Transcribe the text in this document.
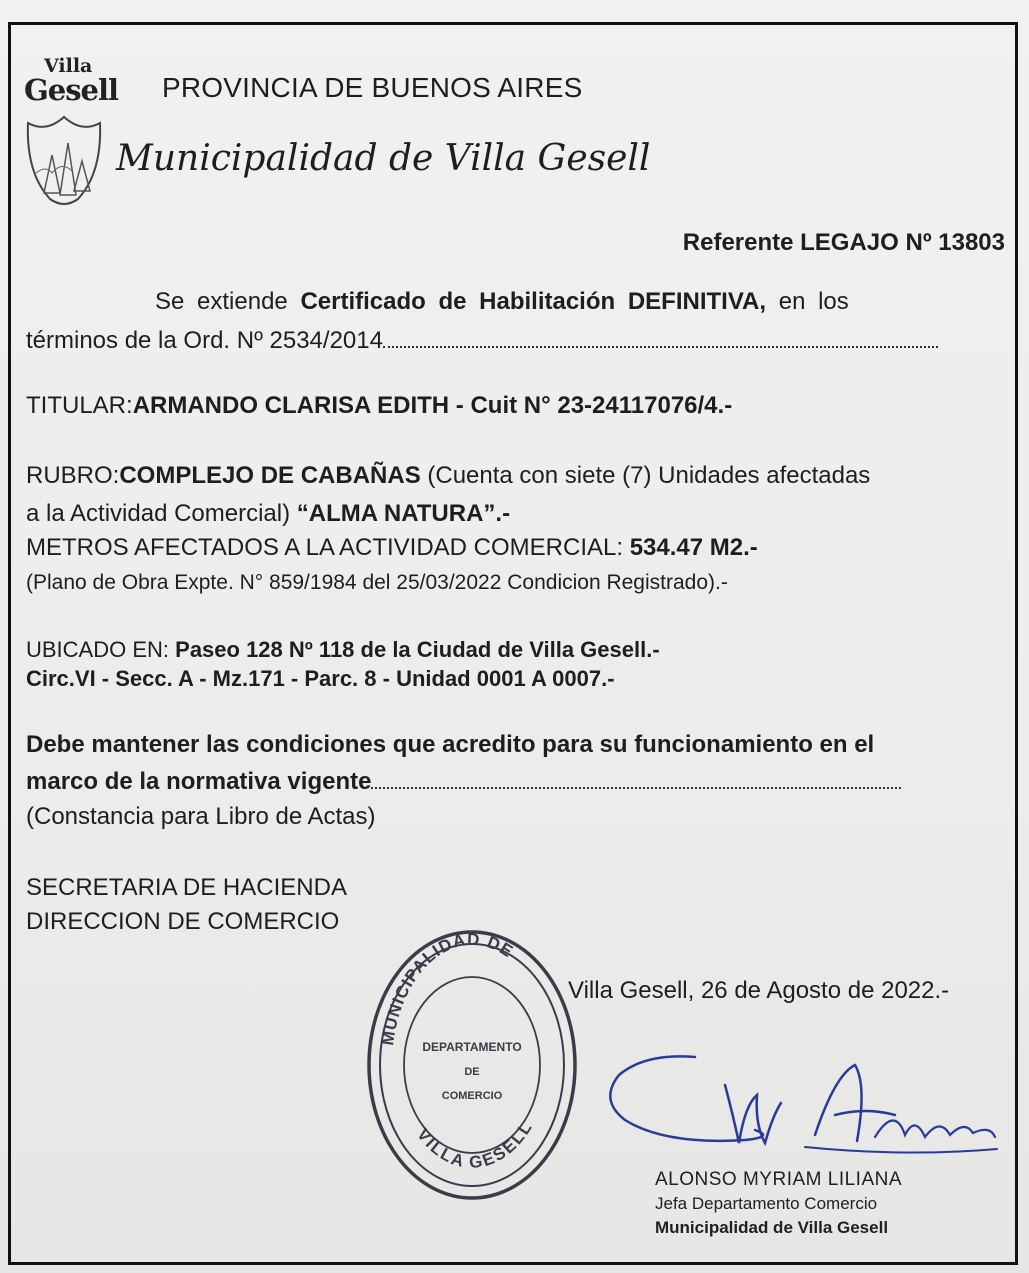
Villa
Gesell PROVINCIA DE BUENOS AIRES
Municipalidad de Villa Gesell
Referente LEGAJO Nº 13803
Se extiende Certificado de Habilitación DEFINITIVA, en los
términos de la Ord. Nº 2534/2014
TITULAR:ARMANDO CLARISA EDITH - Cuit N° 23-24117076/4.-
RUBRO:COMPLEJO DE CABAÑAS (Cuenta con siete (7) Unidades afectadas
a la Actividad Comercial) “ALMA NATURA”.-
METROS AFECTADOS A LA ACTIVIDAD COMERCIAL: 534.47 M2.-
(Plano de Obra Expte. N° 859/1984 del 25/03/2022 Condicion Registrado).-
UBICADO EN: Paseo 128 Nº 118 de la Ciudad de Villa Gesell.-
Circ.VI - Secc. A - Mz.171 - Parc. 8 - Unidad 0001 A 0007.-
Debe mantener las condiciones que acredito para su funcionamiento en el
marco de la normativa vigente
(Constancia para Libro de Actas)
SECRETARIA DE HACIENDA
DIRECCION DE COMERCIO
Villa Gesell, 26 de Agosto de 2022.-
MUNICIPALIDAD DE
VILLA GESELL
DEPARTAMENTO
DE
COMERCIO
ALONSO MYRIAM LILIANA
Jefa Departamento Comercio
Municipalidad de Villa Gesell
